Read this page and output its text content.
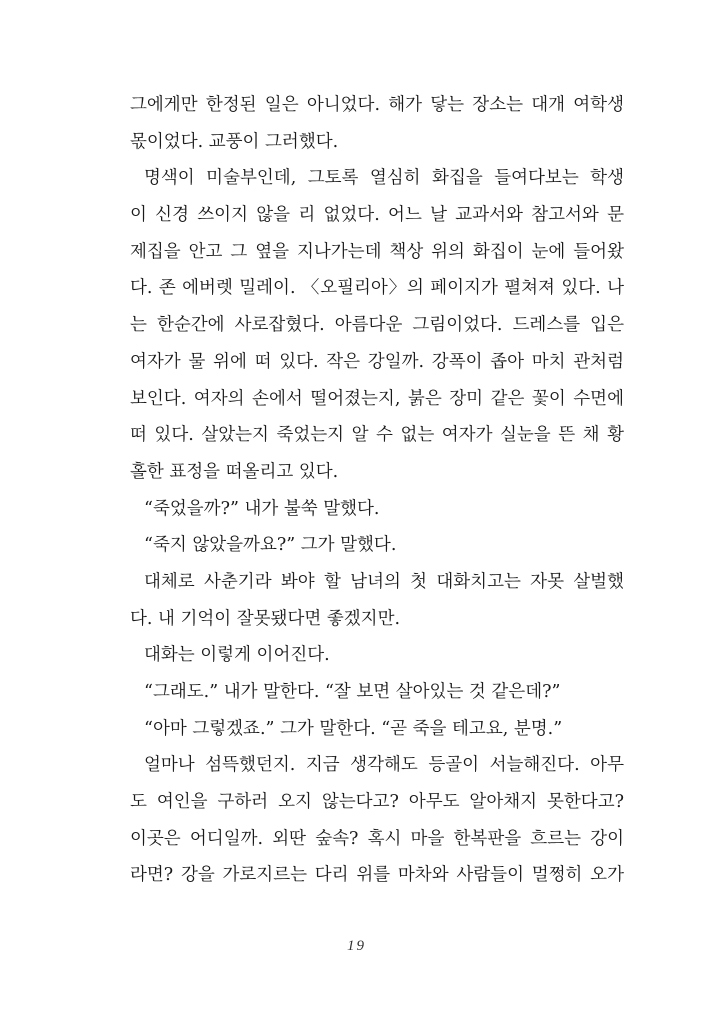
그에게만 한정된 일은 아니었다. 해가 닿는 장소는 대개 여학생
몫이었다. 교풍이 그러했다.
명색이 미술부인데, 그토록 열심히 화집을 들여다보는 학생
이 신경 쓰이지 않을 리 없었다. 어느 날 교과서와 참고서와 문
제집을 안고 그 옆을 지나가는데 책상 위의 화집이 눈에 들어왔
다. 존 에버렛 밀레이. 〈오필리아〉의 페이지가 펼쳐져 있다. 나
는 한순간에 사로잡혔다. 아름다운 그림이었다. 드레스를 입은
여자가 물 위에 떠 있다. 작은 강일까. 강폭이 좁아 마치 관처럼
보인다. 여자의 손에서 떨어졌는지, 붉은 장미 같은 꽃이 수면에
떠 있다. 살았는지 죽었는지 알 수 없는 여자가 실눈을 뜬 채 황
홀한 표정을 떠올리고 있다.
“죽었을까?” 내가 불쑥 말했다.
“죽지 않았을까요?” 그가 말했다.
대체로 사춘기라 봐야 할 남녀의 첫 대화치고는 자못 살벌했
다. 내 기억이 잘못됐다면 좋겠지만.
대화는 이렇게 이어진다.
“그래도.” 내가 말한다. “잘 보면 살아있는 것 같은데?”
“아마 그렇겠죠.” 그가 말한다. “곧 죽을 테고요, 분명.”
얼마나 섬뜩했던지. 지금 생각해도 등골이 서늘해진다. 아무
도 여인을 구하러 오지 않는다고? 아무도 알아채지 못한다고?
이곳은 어디일까. 외딴 숲속? 혹시 마을 한복판을 흐르는 강이
라면? 강을 가로지르는 다리 위를 마차와 사람들이 멀쩡히 오가
19
